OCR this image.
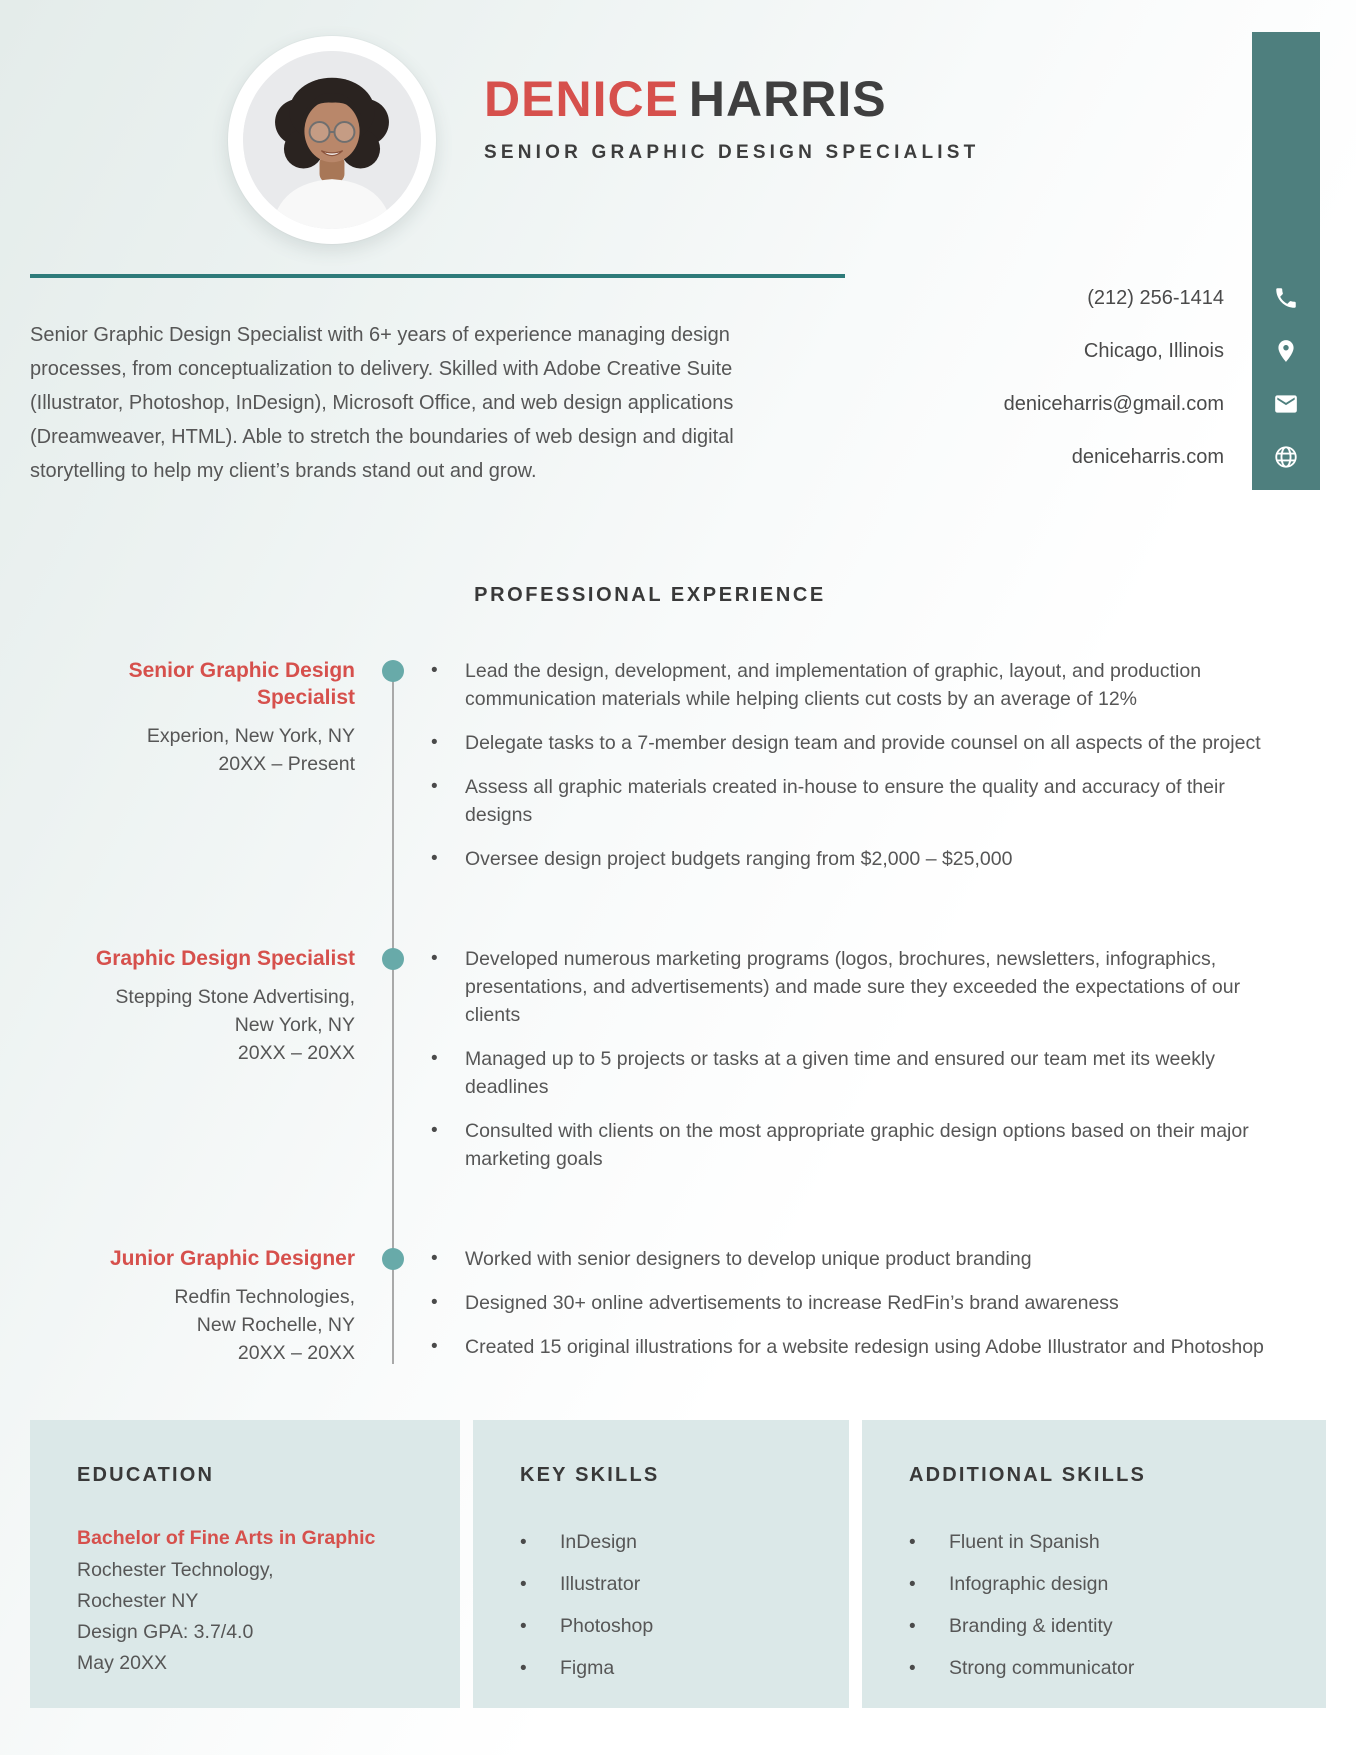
DENICE HARRIS
SENIOR GRAPHIC DESIGN SPECIALIST
Senior Graphic Design Specialist with 6+ years of experience managing design processes, from conceptualization to delivery. Skilled with Adobe Creative Suite (Illustrator, Photoshop, InDesign), Microsoft Office, and web design applications (Dreamweaver, HTML). Able to stretch the boundaries of web design and digital storytelling to help my client’s brands stand out and grow.
(212) 256-1414
Chicago, Illinois
deniceharris@gmail.com
deniceharris.com
PROFESSIONAL EXPERIENCE
Senior Graphic Design Specialist
Experion, New York, NY
20XX – Present
•	Lead the design, development, and implementation of graphic, layout, and production communication materials while helping clients cut costs by an average of 12%
•	Delegate tasks to a 7-member design team and provide counsel on all aspects of the project
•	Assess all graphic materials created in-house to ensure the quality and accuracy of their designs
•	Oversee design project budgets ranging from $2,000 – $25,000
Graphic Design Specialist
Stepping Stone Advertising,
New York, NY
20XX – 20XX
•	Developed numerous marketing programs (logos, brochures, newsletters, infographics, presentations, and advertisements) and made sure they exceeded the expectations of our clients
•	Managed up to 5 projects or tasks at a given time and ensured our team met its weekly deadlines
•	Consulted with clients on the most appropriate graphic design options based on their major marketing goals
Junior Graphic Designer
Redfin Technologies,
New Rochelle, NY
20XX – 20XX
•	Worked with senior designers to develop unique product branding
•	Designed 30+ online advertisements to increase RedFin’s brand awareness
•	Created 15 original illustrations for a website redesign using Adobe Illustrator and Photoshop
EDUCATION
Bachelor of Fine Arts in Graphic
Rochester Technology,
Rochester NY
Design GPA: 3.7/4.0
May 20XX
KEY SKILLS
•	InDesign
•	Illustrator
•	Photoshop
•	Figma
ADDITIONAL SKILLS
•	Fluent in Spanish
•	Infographic design
•	Branding & identity
•	Strong communicator
